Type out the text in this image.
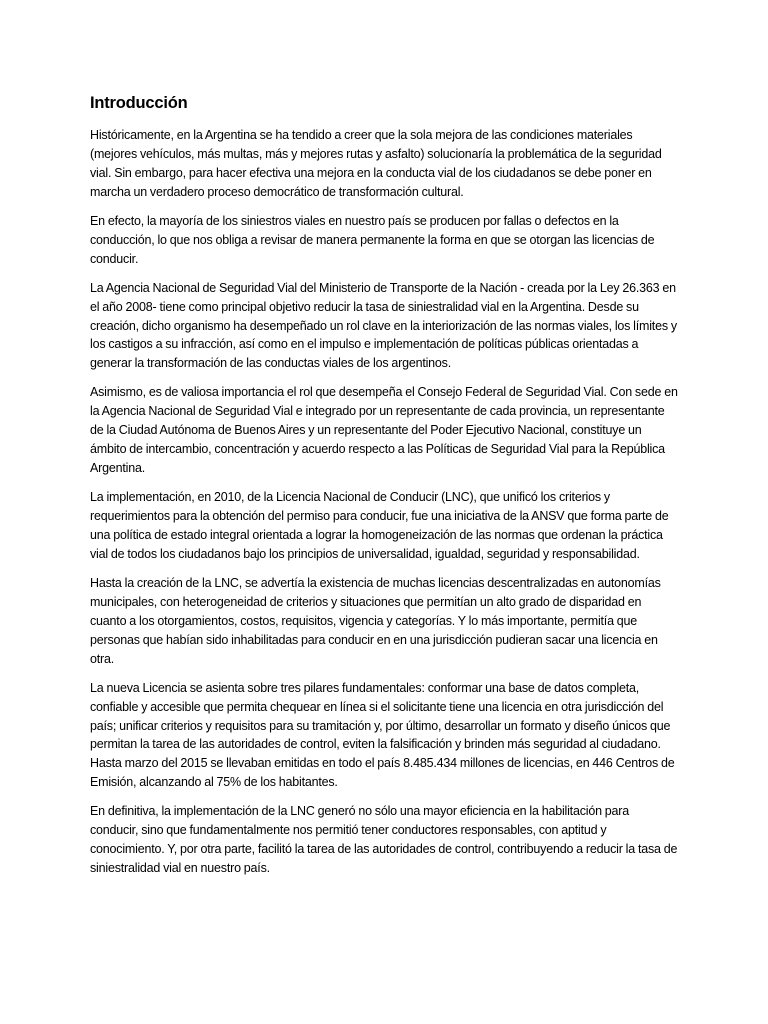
Introducción

Históricamente, en la Argentina se ha tendido a creer que la sola mejora de las condiciones materiales (mejores vehículos, más multas, más y mejores rutas y asfalto) solucionaría la problemática de la seguridad vial. Sin embargo, para hacer efectiva una mejora en la conducta vial de los ciudadanos se debe poner en marcha un verdadero proceso democrático de transformación cultural.

En efecto, la mayoría de los siniestros viales en nuestro país se producen por fallas o defectos en la conducción, lo que nos obliga a revisar de manera permanente la forma en que se otorgan las licencias de conducir.

La Agencia Nacional de Seguridad Vial del Ministerio de Transporte de la Nación - creada por la Ley 26.363 en el año 2008- tiene como principal objetivo reducir la tasa de siniestralidad vial en la Argentina. Desde su creación, dicho organismo ha desempeñado un rol clave en la interiorización de las normas viales, los límites y los castigos a su infracción, así como en el impulso e implementación de políticas públicas orientadas a generar la transformación de las conductas viales de los argentinos.

Asimismo, es de valiosa importancia el rol que desempeña el Consejo Federal de Seguridad Vial. Con sede en la Agencia Nacional de Seguridad Vial e integrado por un representante de cada provincia, un representante de la Ciudad Autónoma de Buenos Aires y un representante del Poder Ejecutivo Nacional, constituye un ámbito de intercambio, concentración y acuerdo respecto a las Políticas de Seguridad Vial para la República Argentina.

La implementación, en 2010, de la Licencia Nacional de Conducir (LNC), que unificó los criterios y requerimientos para la obtención del permiso para conducir, fue una iniciativa de la ANSV que forma parte de una política de estado integral orientada a lograr la homogeneización de las normas que ordenan la práctica vial de todos los ciudadanos bajo los principios de universalidad, igualdad, seguridad y responsabilidad.

Hasta la creación de la LNC, se advertía la existencia de muchas licencias descentralizadas en autonomías municipales, con heterogeneidad de criterios y situaciones que permitían un alto grado de disparidad en cuanto a los otorgamientos, costos, requisitos, vigencia y categorías. Y lo más importante, permitía que personas que habían sido inhabilitadas para conducir en en una jurisdicción pudieran sacar una licencia en otra.

La nueva Licencia se asienta sobre tres pilares fundamentales: conformar una base de datos completa, confiable y accesible que permita chequear en línea si el solicitante tiene una licencia en otra jurisdicción del país; unificar criterios y requisitos para su tramitación y, por último, desarrollar un formato y diseño únicos que permitan la tarea de las autoridades de control, eviten la falsificación y brinden más seguridad al ciudadano. Hasta marzo del 2015 se llevaban emitidas en todo el país 8.485.434 millones de licencias, en 446 Centros de Emisión, alcanzando al 75% de los habitantes.

En definitiva, la implementación de la LNC generó no sólo una mayor eficiencia en la habilitación para conducir, sino que fundamentalmente nos permitió tener conductores responsables, con aptitud y conocimiento. Y, por otra parte, facilitó la tarea de las autoridades de control, contribuyendo a reducir la tasa de siniestralidad vial en nuestro país.
